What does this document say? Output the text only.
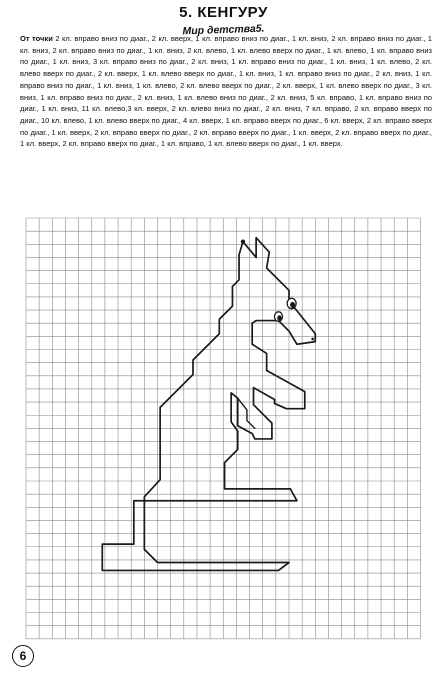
5. КЕНГУРУ
Мир детства5.
От точки 2 кл. вправо вниз по диаг., 2 кл. вверх, 1 кл. вправо вниз по диаг., 1 кл. вниз, 2 кл. вправо вниз по диаг., 1 кл. вниз, 2 кл. вправо вниз по диаг., 1 кл. вниз, 2 кл. влево, 1 кл. влево вверх по диаг., 1 кл. влево, 1 кл. вправо вниз по диаг., 1 кл. вниз, 3 кл. вправо вниз по диаг., 2 кл. вниз, 1 кл. вправо вниз по диаг., 1 кл. вниз, 1 кл. влево, 2 кл. влево вверх по диаг., 2 кл. вверх, 1 кл. влево вверх по диаг., 1 кл. вниз, 1 кл. вправо вниз по диаг., 2 кл. вниз, 1 кл. вправо вниз по диаг., 1 кл. вниз, 1 кл. влево, 2 кл. влево вверх по диаг., 2 кл. вверх, 1 кл. влево вверх по диаг., 3 кл. вниз, 1 кл. вправо вниз по диаг., 2 кл. вниз, 1 кл. влево вниз по диаг., 2 кл. вниз, 5 кл. вправо, 1 кл. вправо вниз по диаг., 1 кл. вниз, 11 кл. влево,3 кл. вверх, 2 кл. влево вниз по диаг., 2 кл. вниз, 7 кл. вправо, 2 кл. вправо вверх по диаг., 10 кл. влево, 1 кл. влево вверх по диаг., 4 кл. вверх, 1 кл. вправо вверх по диаг., 6 кл. вверх, 2 кл. вправо вверх по диаг., 1 кл. вверх, 2 кл. вправо вверх по диаг., 2 кл. вправо вверх по диаг., 1 кл. вверх, 2 кл. вправо вверх по диаг., 1 кл. вверх, 2 кл. вправо вверх по диаг., 1 кл. вправо, 1 кл. влево вверх по диаг., 1 кл. вверх.
6
